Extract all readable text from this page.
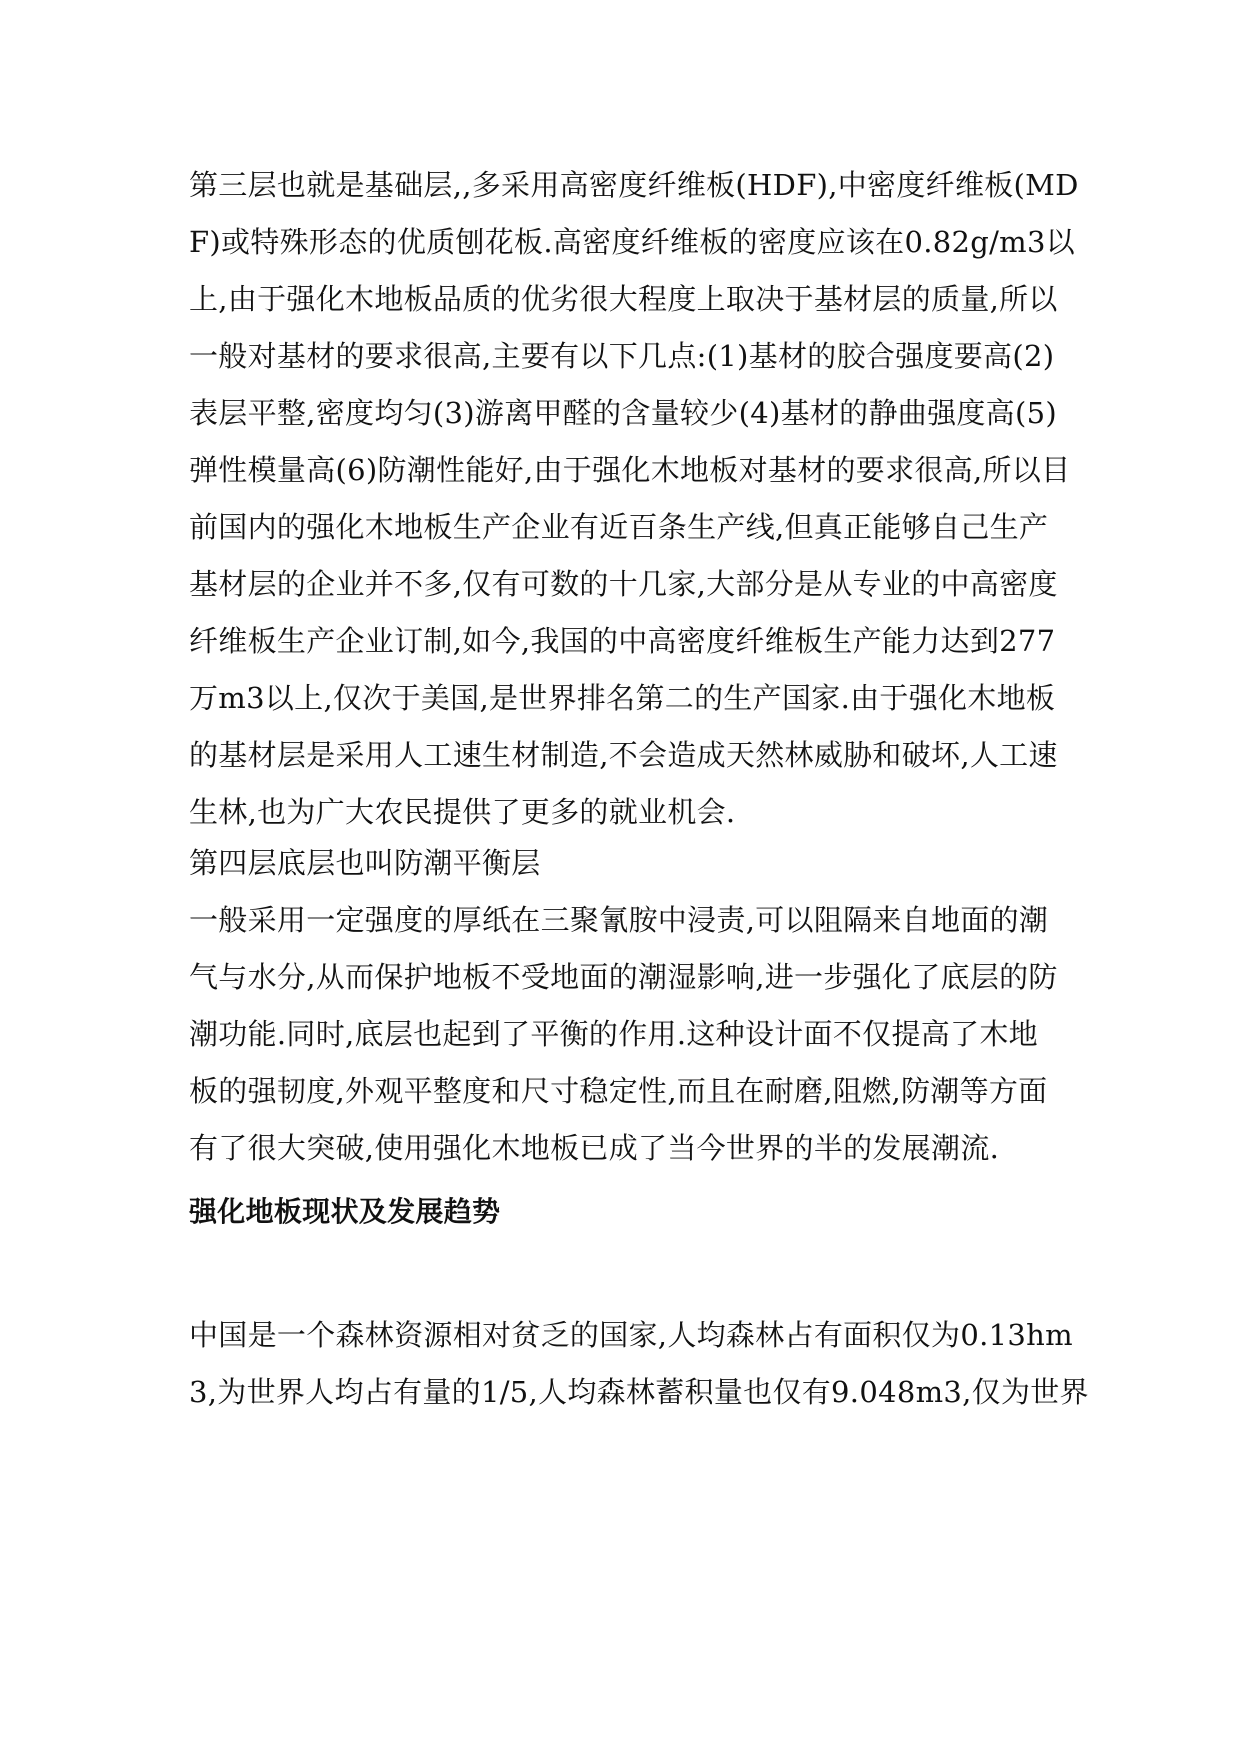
第三层也就是基础层,,多采用高密度纤维板(HDF),中密度纤维板(MD

F)或特殊形态的优质刨花板.高密度纤维板的密度应该在0.82g/m3以

上,由于强化木地板品质的优劣很大程度上取决于基材层的质量,所以

一般对基材的要求很高,主要有以下几点:(1)基材的胶合强度要高(2)

表层平整,密度均匀(3)游离甲醛的含量较少(4)基材的静曲强度高(5)

弹性模量高(6)防潮性能好,由于强化木地板对基材的要求很高,所以目

前国内的强化木地板生产企业有近百条生产线,但真正能够自己生产

基材层的企业并不多,仅有可数的十几家,大部分是从专业的中高密度

纤维板生产企业订制,如今,我国的中高密度纤维板生产能力达到277

万m3以上,仅次于美国,是世界排名第二的生产国家.由于强化木地板

的基材层是采用人工速生材制造,不会造成天然林威胁和破坏,人工速

生林,也为广大农民提供了更多的就业机会.

第四层底层也叫防潮平衡层

一般采用一定强度的厚纸在三聚氰胺中浸责,可以阻隔来自地面的潮

气与水分,从而保护地板不受地面的潮湿影响,进一步强化了底层的防

潮功能.同时,底层也起到了平衡的作用.这种设计面不仅提高了木地

板的强韧度,外观平整度和尺寸稳定性,而且在耐磨,阻燃,防潮等方面

有了很大突破,使用强化木地板已成了当今世界的半的发展潮流.

强化地板现状及发展趋势

中国是一个森林资源相对贫乏的国家,人均森林占有面积仅为0.13hm

3,为世界人均占有量的1/5,人均森林蓄积量也仅有9.048m3,仅为世界
